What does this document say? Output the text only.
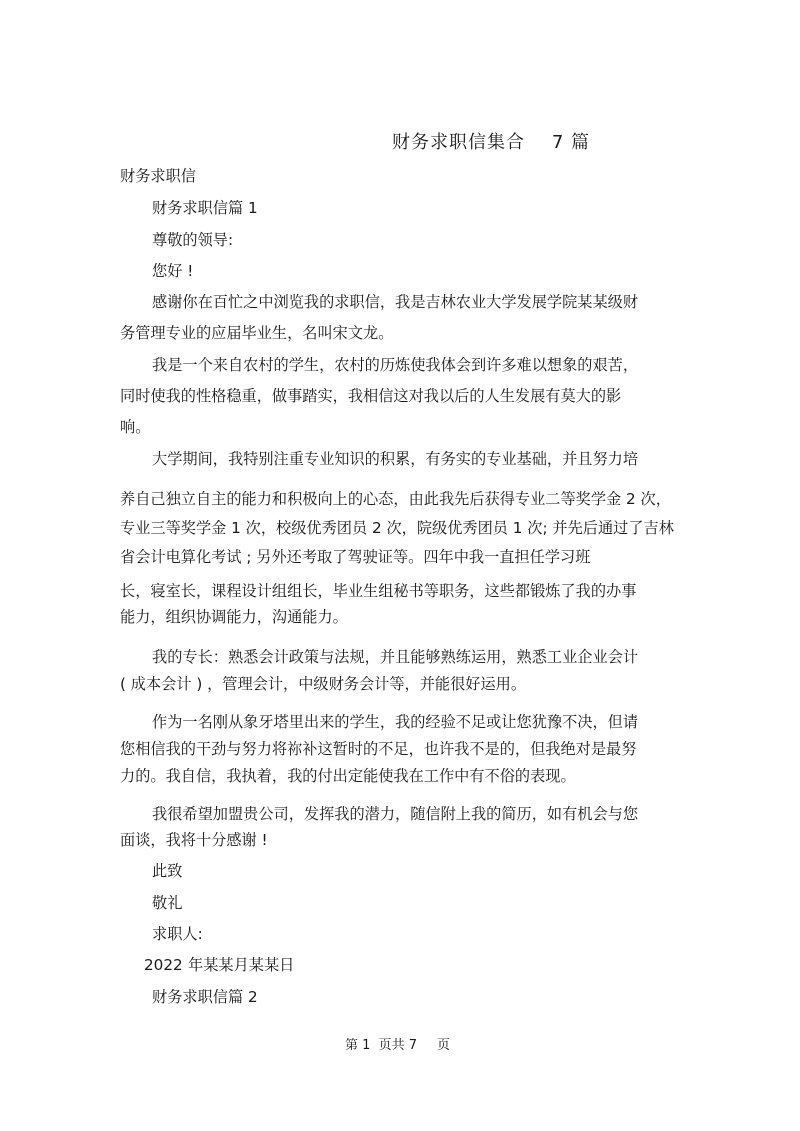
财务求职信集合    7 篇
财务求职信
财务求职信篇 1
尊敬的领导:
您好 !
感谢你在百忙之中浏览我的求职信，我是吉林农业大学发展学院某某级财
务管理专业的应届毕业生，名叫宋文龙。
我是一个来自农村的学生，农村的历炼使我体会到许多难以想象的艰苦，
同时使我的性格稳重，做事踏实，我相信这对我以后的人生发展有莫大的影
响。
大学期间，我特别注重专业知识的积累，有务实的专业基础，并且努力培
养自己独立自主的能力和积极向上的心态，由此我先后获得专业二等奖学金 2 次，
专业三等奖学金 1 次，校级优秀团员 2 次，院级优秀团员 1 次; 并先后通过了吉林
省会计电算化考试 ; 另外还考取了驾驶证等。四年中我一直担任学习班
长，寝室长，课程设计组组长，毕业生组秘书等职务，这些都锻炼了我的办事
能力，组织协调能力，沟通能力。
我的专长：熟悉会计政策与法规，并且能够熟练运用，熟悉工业企业会计
( 成本会计 ) ，管理会计，中级财务会计等，并能很好运用。
作为一名刚从象牙塔里出来的学生，我的经验不足或让您犹豫不决，但请
您相信我的干劲与努力将祢补这暂时的不足，也许我不是的，但我绝对是最努
力的。我自信，我执着，我的付出定能使我在工作中有不俗的表现。
我很希望加盟贵公司，发挥我的潜力，随信附上我的简历，如有机会与您
面谈，我将十分感谢 !
此致
敬礼
求职人:
2022 年某某月某某日
财务求职信篇 2
第 1  页共 7 页
